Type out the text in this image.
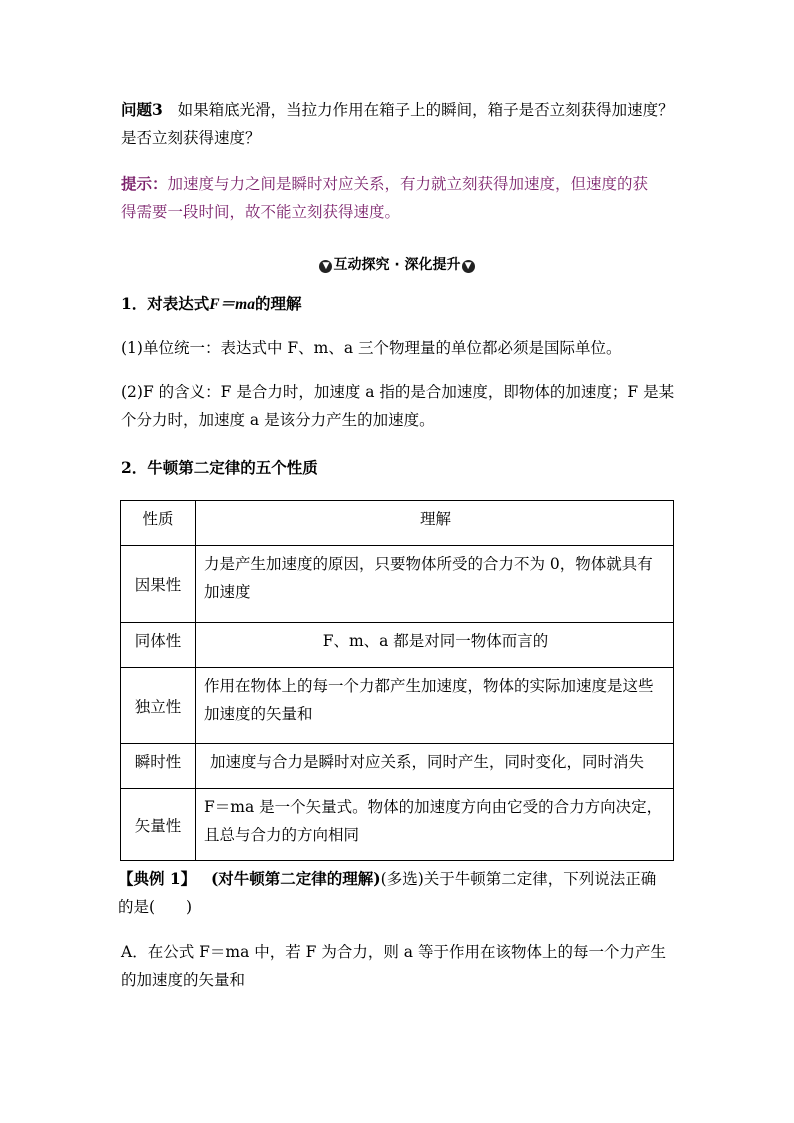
问题3 如果箱底光滑，当拉力作用在箱子上的瞬间，箱子是否立刻获得加速度？
是否立刻获得速度？

提示：加速度与力之间是瞬时对应关系，有力就立刻获得加速度，但速度的获
得需要一段时间，故不能立刻获得速度。

▼ 互动探究 · 深化提升 ▼

1．对表达式F＝ma的理解

(1)单位统一：表达式中 F、m、a 三个物理量的单位都必须是国际单位。

(2)F 的含义：F 是合力时，加速度 a 指的是合加速度，即物体的加速度；F 是某
个分力时，加速度 a 是该分力产生的加速度。

2．牛顿第二定律的五个性质

性质	理解
因果性	力是产生加速度的原因，只要物体所受的合力不为 0，物体就具有
加速度
同体性	F、m、a 都是对同一物体而言的
独立性	作用在物体上的每一个力都产生加速度，物体的实际加速度是这些
加速度的矢量和
瞬时性	加速度与合力是瞬时对应关系，同时产生，同时变化，同时消失
矢量性	F＝ma 是一个矢量式。物体的加速度方向由它受的合力方向决定，
且总与合力的方向相同

【典例 1】 (对牛顿第二定律的理解)(多选)关于牛顿第二定律，下列说法正确
的是(　　)

A．在公式 F＝ma 中，若 F 为合力，则 a 等于作用在该物体上的每一个力产生
的加速度的矢量和
